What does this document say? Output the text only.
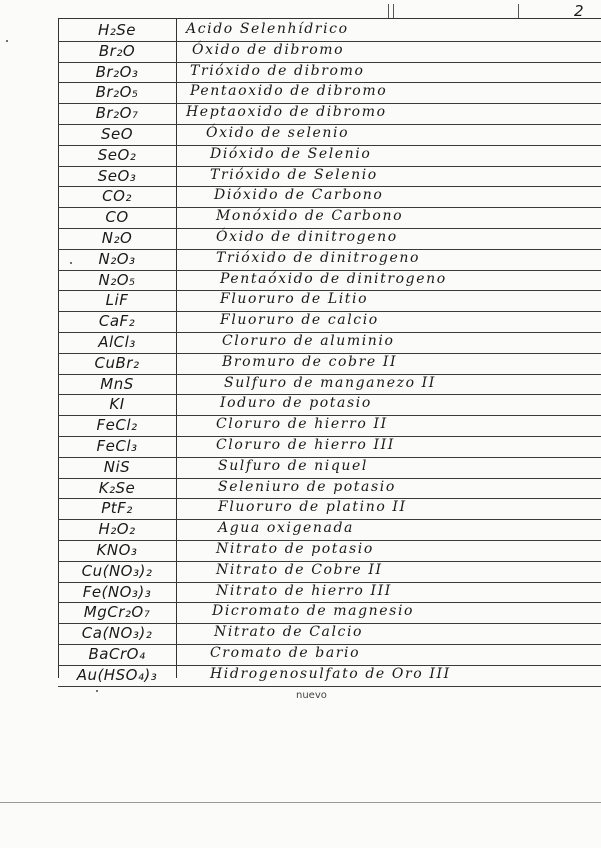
2
H₂Se	Acido Selenhídrico
Br₂O	Óxido de dibromo
Br₂O₃	Trióxido de dibromo
Br₂O₅	Pentaoxido de dibromo
Br₂O₇	Heptaoxido de dibromo
SeO	Óxido de selenio
SeO₂	Dióxido de Selenio
SeO₃	Trióxido de Selenio
CO₂	Dióxido de Carbono
CO	Monóxido de Carbono
N₂O	Óxido de dinitrogeno
N₂O₃	Trióxido de dinitrogeno
N₂O₅	Pentaóxido de dinitrogeno
LiF	Fluoruro de Litio
CaF₂	Fluoruro de calcio
AlCl₃	Cloruro de aluminio
CuBr₂	Bromuro de cobre II
MnS	Sulfuro de manganezo II
KI	Ioduro de potasio
FeCl₂	Cloruro de hierro II
FeCl₃	Cloruro de hierro III
NiS	Sulfuro de niquel
K₂Se	Seleniuro de potasio
PtF₂	Fluoruro de platino II
H₂O₂	Agua oxigenada
KNO₃	Nitrato de potasio
Cu(NO₃)₂	Nitrato de Cobre II
Fe(NO₃)₃	Nitrato de hierro III
MgCr₂O₇	Dicromato de magnesio
Ca(NO₃)₂	Nitrato de Calcio
BaCrO₄	Cromato de bario
Au(HSO₄)₃	Hidrogenosulfato de Oro III
nuevo
